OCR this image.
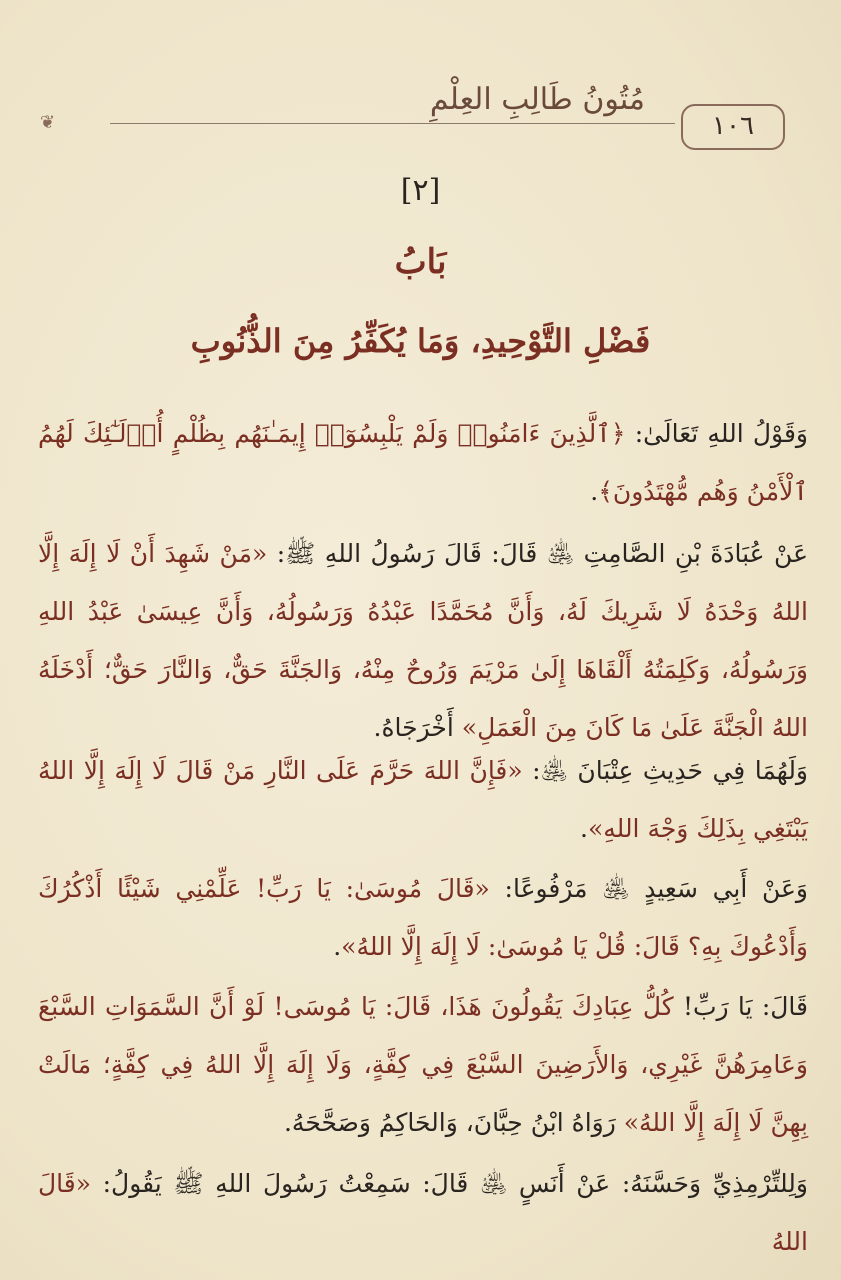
مُتُونُ طَالِبِ العِلْمِ
❦	١٠٦
[٢]
بَابُ
فَضْلِ التَّوْحِيدِ، وَمَا يُكَفِّرُ مِنَ الذُّنُوبِ
وَقَوْلُ اللهِ تَعَالَىٰ: ﴿ٱلَّذِينَ ءَامَنُوا۟ وَلَمْ يَلْبِسُوٓا۟ إِيمَـٰنَهُم بِظُلْمٍ أُو۟لَـٰٓئِكَ لَهُمُ ٱلْأَمْنُ وَهُم مُّهْتَدُونَ﴾.
عَنْ عُبَادَةَ بْنِ الصَّامِتِ ﵁ قَالَ: قَالَ رَسُولُ اللهِ ﷺ: «مَنْ شَهِدَ أَنْ لَا إِلَهَ إِلَّا اللهُ وَحْدَهُ لَا شَرِيكَ لَهُ، وَأَنَّ مُحَمَّدًا عَبْدُهُ وَرَسُولُهُ، وَأَنَّ عِيسَىٰ عَبْدُ اللهِ وَرَسُولُهُ، وَكَلِمَتُهُ أَلْقَاهَا إِلَىٰ مَرْيَمَ وَرُوحٌ مِنْهُ، وَالجَنَّةَ حَقٌّ، وَالنَّارَ حَقٌّ؛ أَدْخَلَهُ اللهُ الْجَنَّةَ عَلَىٰ مَا كَانَ مِنَ الْعَمَلِ» أَخْرَجَاهُ.
وَلَهُمَا فِي حَدِيثِ عِتْبَانَ ﵁: «فَإِنَّ اللهَ حَرَّمَ عَلَى النَّارِ مَنْ قَالَ لَا إِلَهَ إِلَّا اللهُ يَبْتَغِي بِذَلِكَ وَجْهَ اللهِ».
وَعَنْ أَبِي سَعِيدٍ ﵁ مَرْفُوعًا: «قَالَ مُوسَىٰ: يَا رَبِّ! عَلِّمْنِي شَيْئًا أَذْكُرُكَ وَأَدْعُوكَ بِهِ؟ قَالَ: قُلْ يَا مُوسَىٰ: لَا إِلَهَ إِلَّا اللهُ».
قَالَ: يَا رَبِّ! كُلُّ عِبَادِكَ يَقُولُونَ هَذَا، قَالَ: يَا مُوسَى! لَوْ أَنَّ السَّمَوَاتِ السَّبْعَ وَعَامِرَهُنَّ غَيْرِي، وَالأَرَضِينَ السَّبْعَ فِي كِفَّةٍ، وَلَا إِلَهَ إِلَّا اللهُ فِي كِفَّةٍ؛ مَالَتْ بِهِنَّ لَا إِلَهَ إِلَّا اللهُ» رَوَاهُ ابْنُ حِبَّانَ، وَالحَاكِمُ وَصَحَّحَهُ.
وَلِلتِّرْمِذِيِّ وَحَسَّنَهُ: عَنْ أَنَسٍ ﵁ قَالَ: سَمِعْتُ رَسُولَ اللهِ ﷺ يَقُولُ: «قَالَ اللهُ
